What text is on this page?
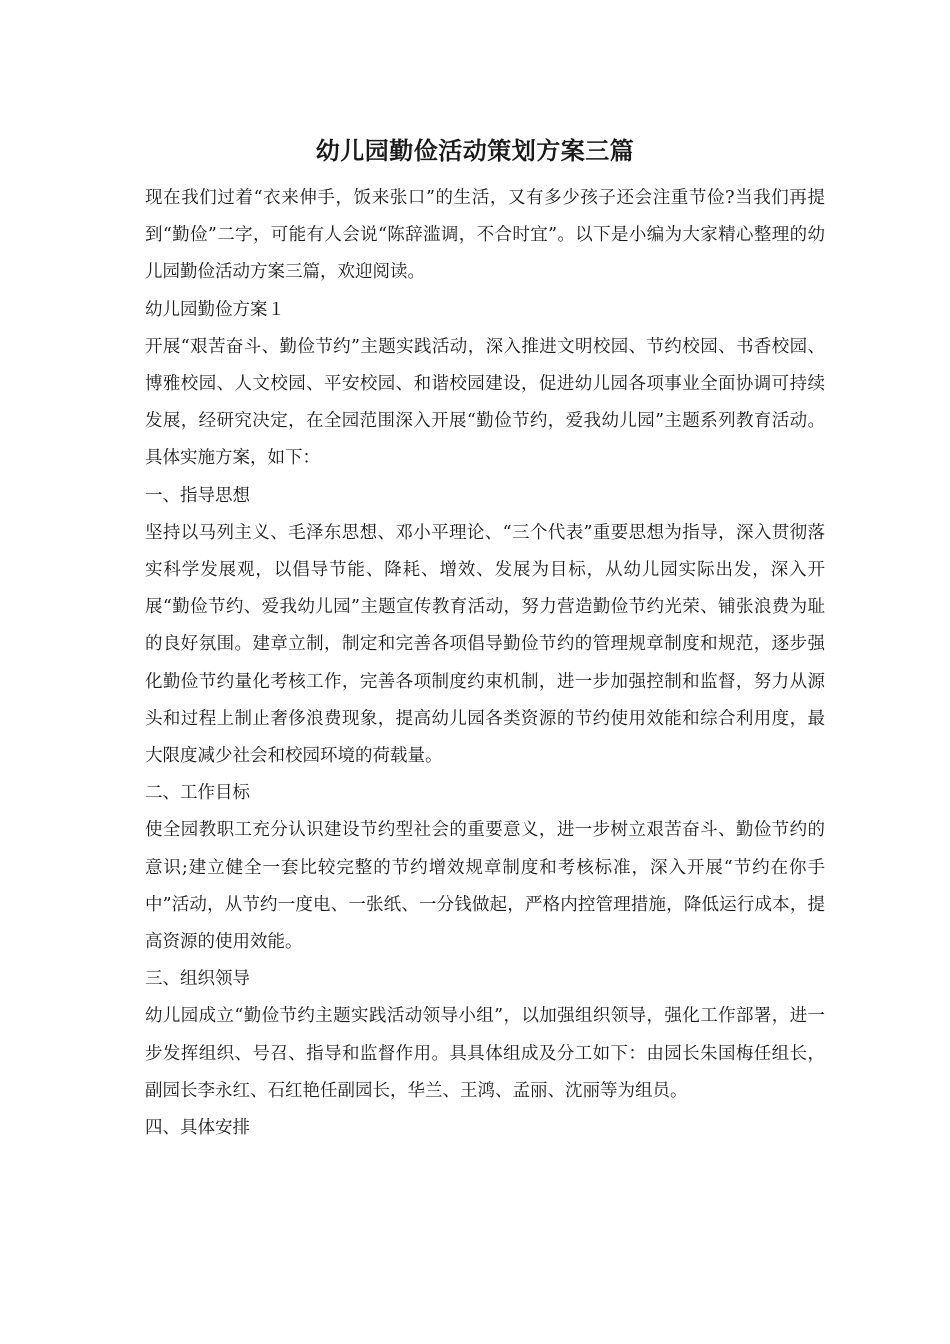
幼儿园勤俭活动策划方案三篇

现在我们过着“衣来伸手，饭来张口”的生活，又有多少孩子还会注重节俭?当我们再提到“勤俭”二字，可能有人会说“陈辞滥调，不合时宜”。以下是小编为大家精心整理的幼儿园勤俭活动方案三篇，欢迎阅读。

幼儿园勤俭方案１

开展“艰苦奋斗、勤俭节约”主题实践活动，深入推进文明校园、节约校园、书香校园、博雅校园、人文校园、平安校园、和谐校园建设，促进幼儿园各项事业全面协调可持续发展，经研究决定，在全园范围深入开展“勤俭节约，爱我幼儿园”主题系列教育活动。具体实施方案，如下：

一、指导思想

坚持以马列主义、毛泽东思想、邓小平理论、“三个代表”重要思想为指导，深入贯彻落实科学发展观，以倡导节能、降耗、增效、发展为目标，从幼儿园实际出发，深入开展“勤俭节约、爱我幼儿园”主题宣传教育活动，努力营造勤俭节约光荣、铺张浪费为耻的良好氛围。建章立制，制定和完善各项倡导勤俭节约的管理规章制度和规范，逐步强化勤俭节约量化考核工作，完善各项制度约束机制，进一步加强控制和监督，努力从源头和过程上制止奢侈浪费现象，提高幼儿园各类资源的节约使用效能和综合利用度，最大限度减少社会和校园环境的荷载量。

二、工作目标

使全园教职工充分认识建设节约型社会的重要意义，进一步树立艰苦奋斗、勤俭节约的意识;建立健全一套比较完整的节约增效规章制度和考核标准，深入开展“节约在你手中”活动，从节约一度电、一张纸、一分钱做起，严格内控管理措施，降低运行成本，提高资源的使用效能。

三、组织领导

幼儿园成立“勤俭节约主题实践活动领导小组”，以加强组织领导，强化工作部署，进一步发挥组织、号召、指导和监督作用。具具体组成及分工如下：由园长朱国梅任组长，副园长李永红、石红艳任副园长，华兰、王鸿、孟丽、沈丽等为组员。

四、具体安排
